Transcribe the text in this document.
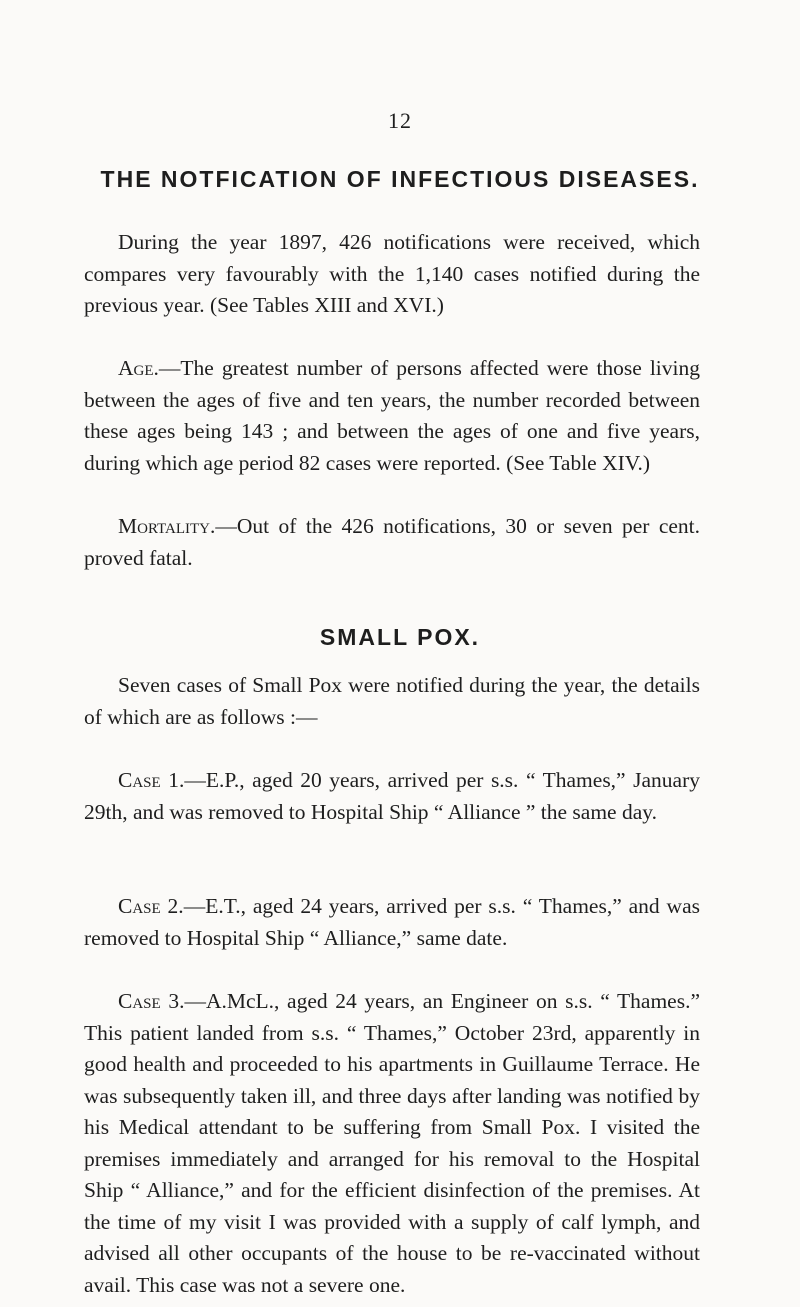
12
THE NOTFICATION OF INFECTIOUS DISEASES.

During the year 1897, 426 notifications were received, which compares very favourably with the 1,140 cases notified during the previous year. (See Tables XIII and XVI.)

Age.—The greatest number of persons affected were those living between the ages of five and ten years, the number recorded between these ages being 143 ; and between the ages of one and five years, during which age period 82 cases were reported. (See Table XIV.)

Mortality.—Out of the 426 notifications, 30 or seven per cent. proved fatal.

SMALL POX.

Seven cases of Small Pox were notified during the year, the details of which are as follows :—

Case 1.—E.P., aged 20 years, arrived per s.s. “ Thames,” January 29th, and was removed to Hospital Ship “ Alliance ” the same day.

Case 2.—E.T., aged 24 years, arrived per s.s. “ Thames,” and was removed to Hospital Ship “ Alliance,” same date.

Case 3.—A.McL., aged 24 years, an Engineer on s.s. “ Thames.” This patient landed from s.s. “ Thames,” October 23rd, apparently in good health and proceeded to his apartments in Guillaume Terrace. He was subsequently taken ill, and three days after landing was notified by his Medical attendant to be suffering from Small Pox. I visited the premises immediately and arranged for his removal to the Hospital Ship “ Alliance,” and for the efficient disinfection of the premises. At the time of my visit I was provided with a supply of calf lymph, and advised all other occupants of the house to be re-vaccinated without avail. This case was not a severe one.
